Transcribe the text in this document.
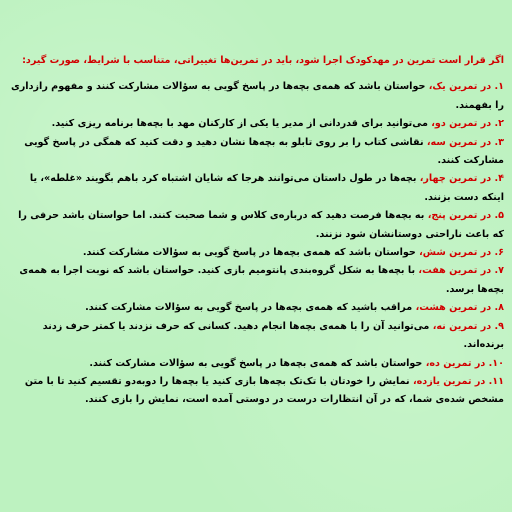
اگر قرار است تمرین در مهدکودک اجرا شود، باید در تمرین‌ها تغییراتی، متناسب با شرایط، صورت گیرد:

۱. در تمرین یک، حواستان باشد که همه‌ی بچه‌ها در پاسخ گویی به سؤالات مشارکت کنند و مفهوم رازداری را بفهمند.

۲. در تمرین دو، می‌توانید برای قدردانی از مدیر یا یکی از کارکنان مهد با بچه‌ها برنامه ریزی کنید.

۳. در تمرین سه، نقاشی کتاب را بر روی تابلو به بچه‌ها نشان دهید و دقت کنید که همگی در پاسخ گویی مشارکت کنند.

۴. در تمرین چهار، بچه‌ها در طول داستان می‌توانند هرجا که شایان اشتباه کرد باهم بگویند «غلطه»، یا اینکه دست بزنند.

۵. در تمرین پنج، به بچه‌ها فرصت دهید که درباره‌ی کلاس و شما صحبت کنند. اما حواستان باشد حرفی را که باعث ناراحتی دوستانشان شود نزنند.

۶. در تمرین شش، حواستان باشد که همه‌ی بچه‌ها در پاسخ گویی به سؤالات مشارکت کنند.

۷. در تمرین هفت، با بچه‌ها به شکل گروه‌بندی پانتومیم بازی کنید. حواستان باشد که نوبت اجرا به همه‌ی بچه‌ها برسد.

۸. در تمرین هشت، مراقب باشید که همه‌ی بچه‌ها در پاسخ گویی به سؤالات مشارکت کنند.

۹. در تمرین نه، می‌توانید آن را با همه‌ی بچه‌ها انجام دهید. کسانی که حرف نزدند یا کمتر حرف زدند برنده‌اند.

۱۰. در تمرین ده، حواستان باشد که همه‌ی بچه‌ها در پاسخ گویی به سؤالات مشارکت کنند.

۱۱. در تمرین یازده، نمایش را خودتان با تک‌تک بچه‌ها بازی کنید یا بچه‌ها را دوبه‌دو تقسیم کنید تا با متن مشخص شده‌ی شما، که در آن انتظارات درست در دوستی آمده است، نمایش را بازی کنند.
